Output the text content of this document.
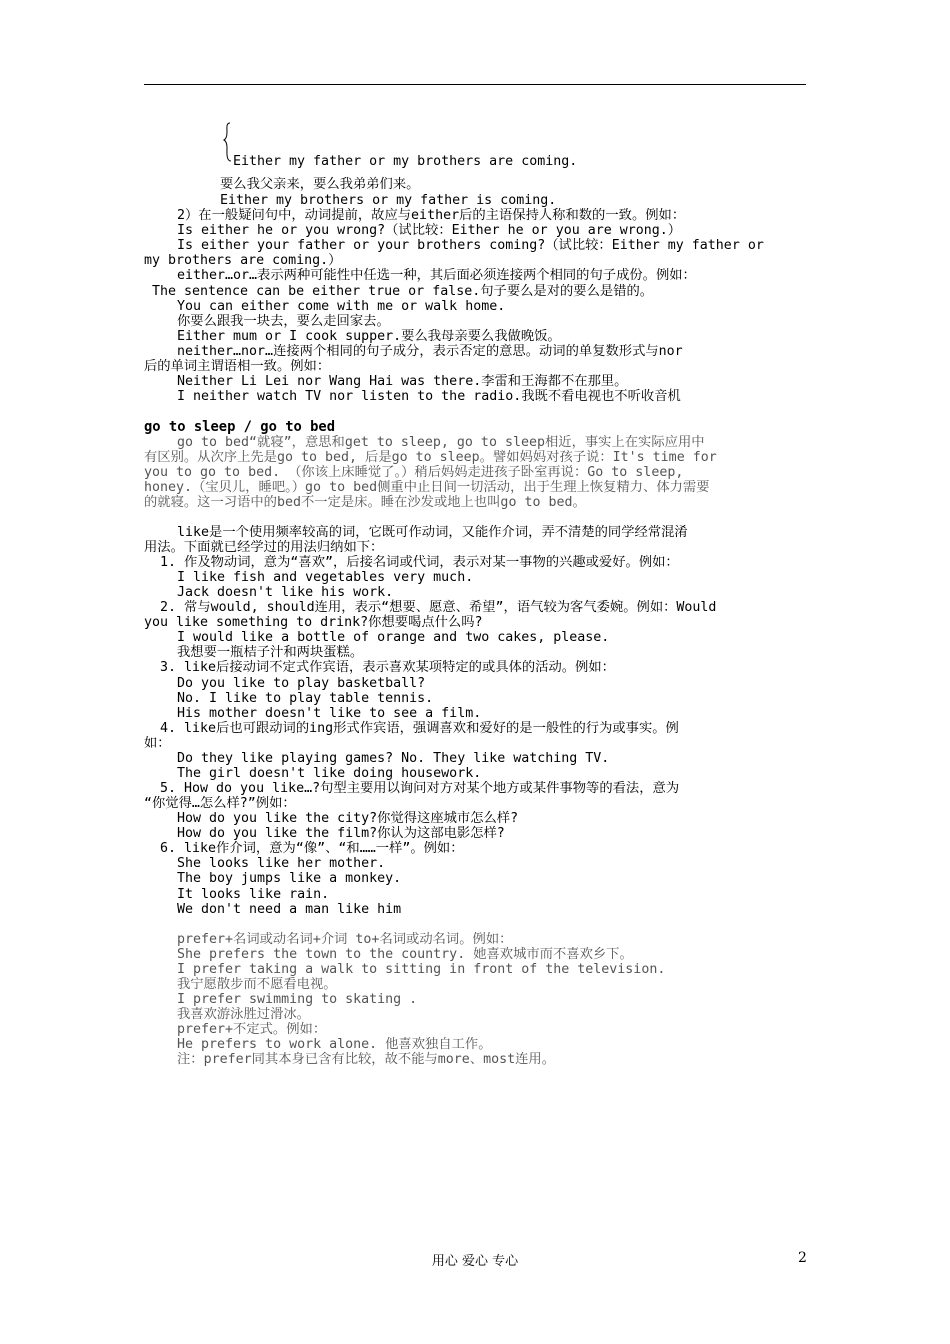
Either my father or my brothers are coming.
要么我父亲来，要么我弟弟们来。
Either my brothers or my father is coming.
2）在一般疑问句中，动词提前，故应与either后的主语保持人称和数的一致。例如：
Is either he or you wrong?（试比较：Either he or you are wrong.）
Is either your father or your brothers coming?（试比较：Either my father or
my brothers are coming.）
either…or…表示两种可能性中任选一种，其后面必须连接两个相同的句子成份。例如：
The sentence can be either true or false.句子要么是对的要么是错的。
You can either come with me or walk home.
你要么跟我一块去，要么走回家去。
Either mum or I cook supper.要么我母亲要么我做晚饭。
neither…nor…连接两个相同的句子成分，表示否定的意思。动词的单复数形式与nor
后的单词主谓语相一致。例如：
Neither Li Lei nor Wang Hai was there.李雷和王海都不在那里。
I neither watch TV nor listen to the radio.我既不看电视也不听收音机
go to sleep / go to bed
go to bed“就寝”，意思和get to sleep, go to sleep相近，事实上在实际应用中
有区别。从次序上先是go to bed, 后是go to sleep。譬如妈妈对孩子说：It's time for
you to go to bed. （你该上床睡觉了。）稍后妈妈走进孩子卧室再说：Go to sleep,
honey.（宝贝儿，睡吧。）go to bed侧重中止日间一切活动，出于生理上恢复精力、体力需要
的就寝。这一习语中的bed不一定是床。睡在沙发或地上也叫go to bed。
like是一个使用频率较高的词，它既可作动词，又能作介词，弄不清楚的同学经常混淆
用法。下面就已经学过的用法归纳如下：
1. 作及物动词，意为“喜欢”，后接名词或代词，表示对某一事物的兴趣或爱好。例如：
I like fish and vegetables very much.
Jack doesn't like his work.
2. 常与would, should连用，表示“想要、愿意、希望”，语气较为客气委婉。例如：Would
you like something to drink?你想要喝点什么吗?
I would like a bottle of orange and two cakes, please.
我想要一瓶桔子汁和两块蛋糕。
3. like后接动词不定式作宾语，表示喜欢某项特定的或具体的活动。例如：
Do you like to play basketball?
No. I like to play table tennis.
His mother doesn't like to see a film.
4. like后也可跟动词的ing形式作宾语，强调喜欢和爱好的是一般性的行为或事实。例
如：
Do they like playing games? No. They like watching TV.
The girl doesn't like doing housework.
5. How do you like…?句型主要用以询问对方对某个地方或某件事物等的看法，意为
“你觉得…怎么样?”例如：
How do you like the city?你觉得这座城市怎么样?
How do you like the film?你认为这部电影怎样?
6. like作介词，意为“像”、“和……一样”。例如：
She looks like her mother.
The boy jumps like a monkey.
It looks like rain.
We don't need a man like him
prefer+名词或动名词+介词 to+名词或动名词。例如：
She prefers the town to the country. 她喜欢城市而不喜欢乡下。
I prefer taking a walk to sitting in front of the television.
我宁愿散步而不愿看电视。
I prefer swimming to skating .
我喜欢游泳胜过滑冰。
prefer+不定式。例如：
He prefers to work alone. 他喜欢独自工作。
注：prefer同其本身已含有比较，故不能与more、most连用。
用心 爱心 专心	2
